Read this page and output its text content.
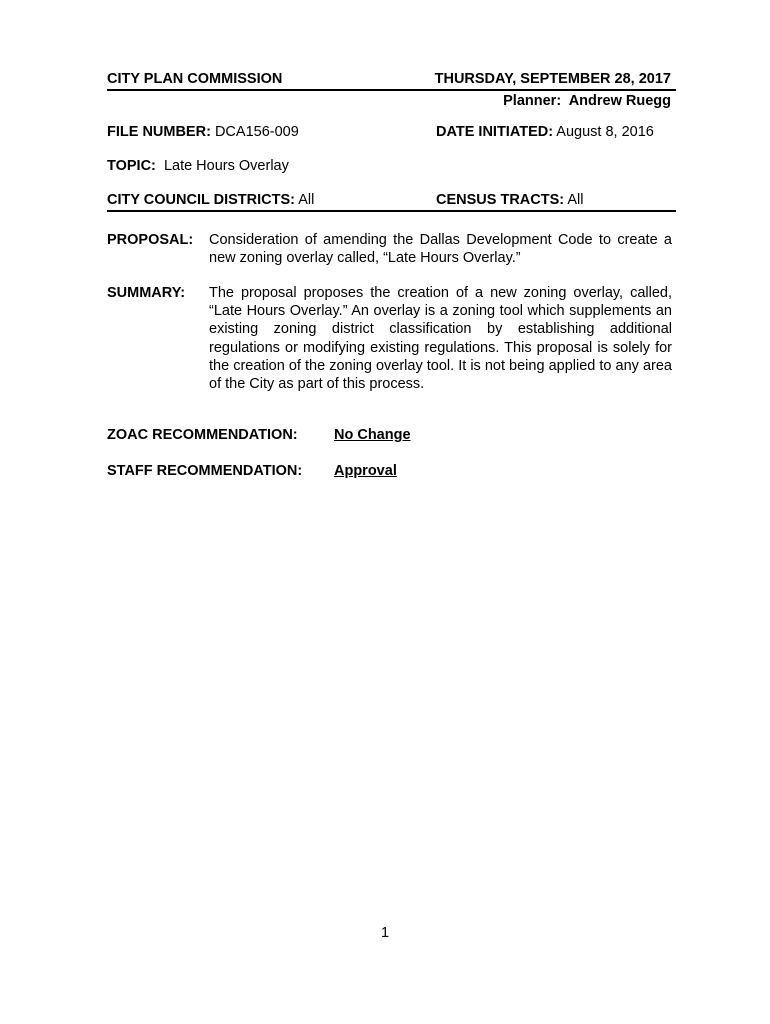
CITY PLAN COMMISSION	THURSDAY, SEPTEMBER 28, 2017
Planner: Andrew Ruegg
FILE NUMBER: DCA156-009	DATE INITIATED: August 8, 2016
TOPIC: Late Hours Overlay
CITY COUNCIL DISTRICTS: All	CENSUS TRACTS: All
PROPOSAL: Consideration of amending the Dallas Development Code to create a new zoning overlay called, “Late Hours Overlay.”
SUMMARY: The proposal proposes the creation of a new zoning overlay, called, “Late Hours Overlay.” An overlay is a zoning tool which supplements an existing zoning district classification by establishing additional regulations or modifying existing regulations. This proposal is solely for the creation of the zoning overlay tool. It is not being applied to any area of the City as part of this process.
ZOAC RECOMMENDATION:	No Change
STAFF RECOMMENDATION: Approval
1
